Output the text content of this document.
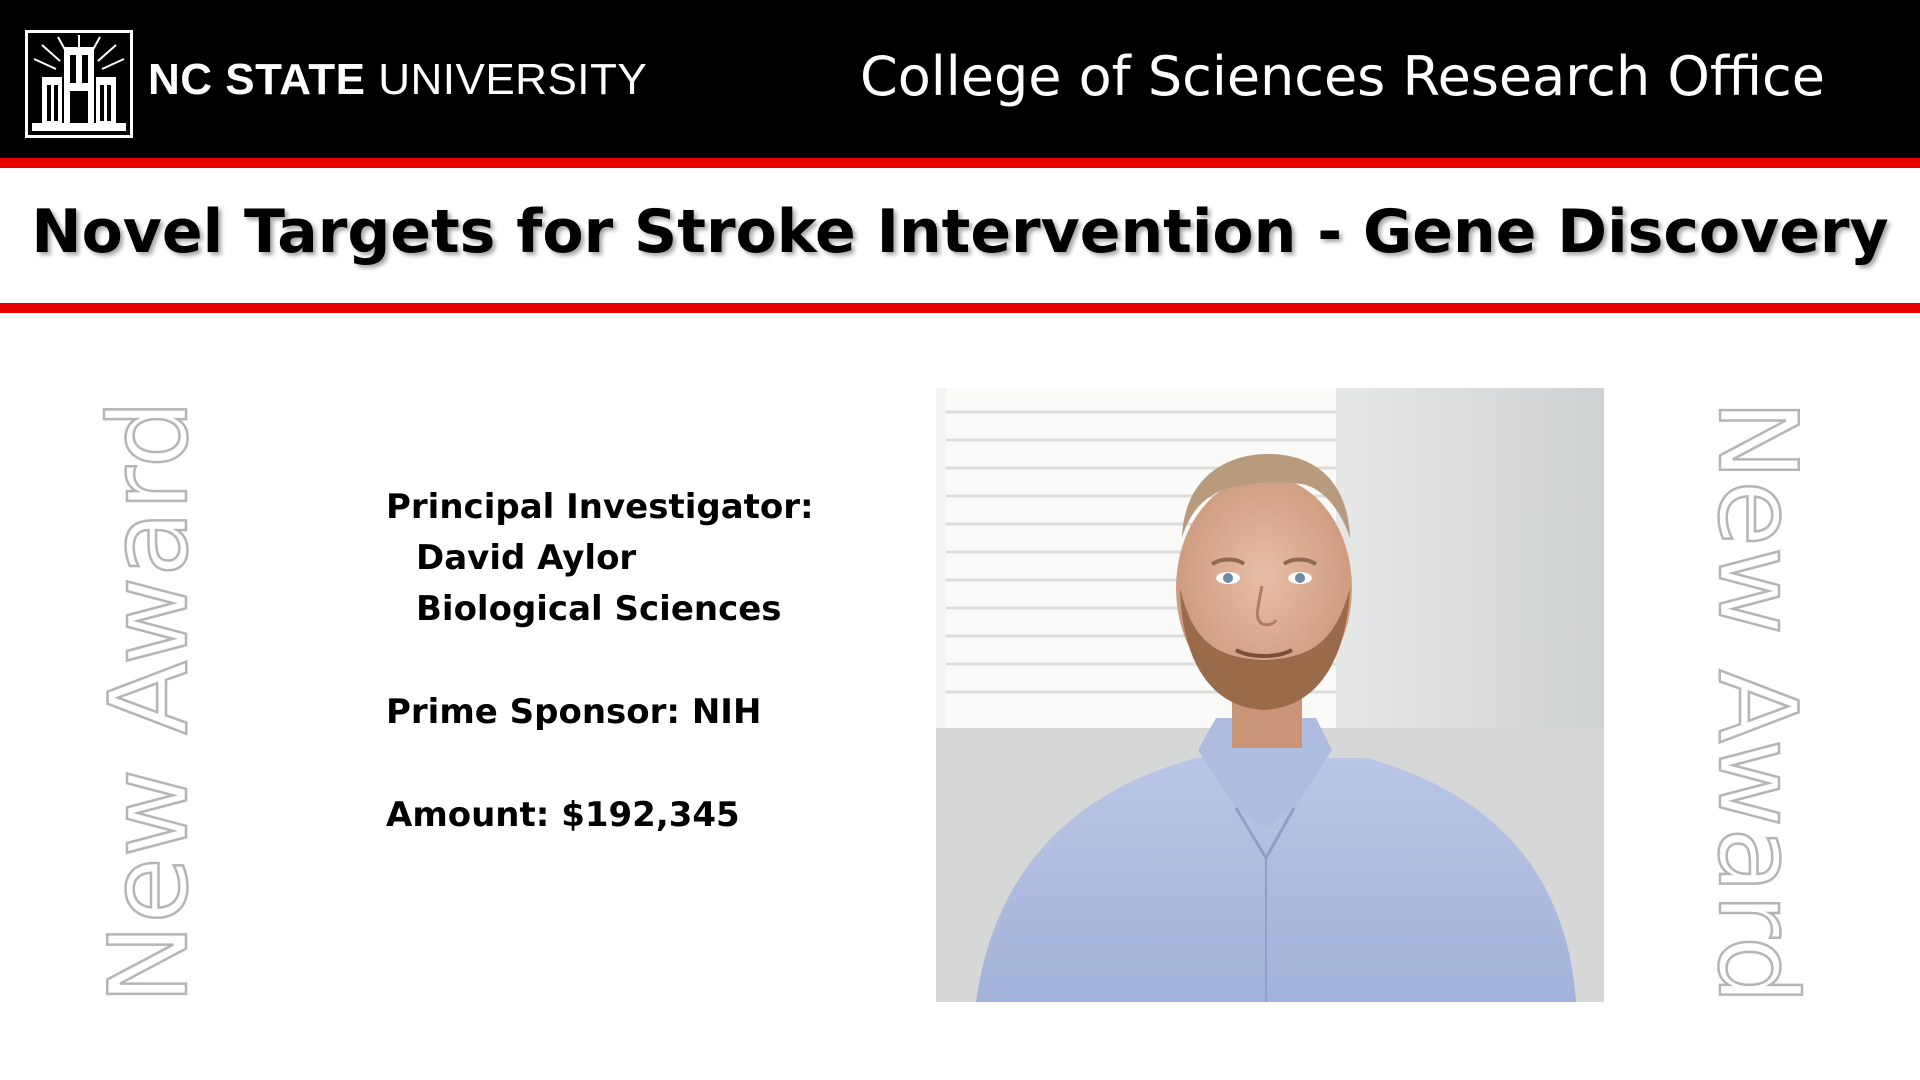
NC STATE UNIVERSITY	College of Sciences Research Office
Novel Targets for Stroke Intervention - Gene Discovery
New Award	New Award
Principal Investigator:
David Aylor
Biological Sciences
Prime Sponsor: NIH
Amount: $192,345
